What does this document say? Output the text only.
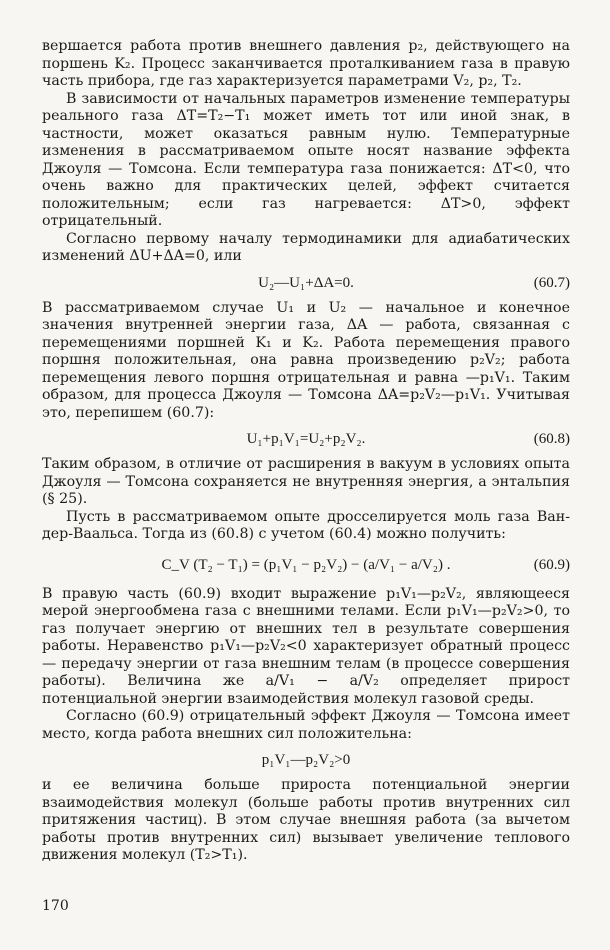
вершается работа против внешнего давления p₂, действующего на поршень K₂. Процесс заканчивается проталкиванием газа в правую часть прибора, где газ характеризуется параметрами V₂, p₂, T₂.

В зависимости от начальных параметров изменение температуры реального газа ΔT=T₂−T₁ может иметь тот или иной знак, в частности, может оказаться равным нулю. Температурные изменения в рассматриваемом опыте носят название эффекта Джоуля — Томсона. Если температура газа понижается: ΔT<0, что очень важно для практических целей, эффект считается положительным; если газ нагревается: ΔT>0, эффект отрицательный.

Согласно первому началу термодинамики для адиабатических изменений ΔU+ΔA=0, или

U₂—U₁+ΔA=0.	(60.7)

В рассматриваемом случае U₁ и U₂ — начальное и конечное значения внутренней энергии газа, ΔA — работа, связанная с перемещениями поршней K₁ и K₂. Работа перемещения правого поршня положительная, она равна произведению p₂V₂; работа перемещения левого поршня отрицательная и равна —p₁V₁. Таким образом, для процесса Джоуля — Томсона ΔA=p₂V₂—p₁V₁. Учитывая это, перепишем (60.7):

U₁+p₁V₁=U₂+p₂V₂.	(60.8)

Таким образом, в отличие от расширения в вакуум в условиях опыта Джоуля — Томсона сохраняется не внутренняя энергия, а энтальпия (§ 25).

Пусть в рассматриваемом опыте дросселируется моль газа Ван-дер-Ваальса. Тогда из (60.8) с учетом (60.4) можно получить:

C_V (T₂ − T₁) = (p₁V₁ − p₂V₂) − (a/V₁ − a/V₂) .	(60.9)

В правую часть (60.9) входит выражение p₁V₁—p₂V₂, являющееся мерой энергообмена газа с внешними телами. Если p₁V₁—p₂V₂>0, то газ получает энергию от внешних тел в результате совершения работы. Неравенство p₁V₁—p₂V₂<0 характеризует обратный процесс — передачу энергии от газа внешним телам (в процессе совершения работы). Величина же a/V₁ − a/V₂ определяет прирост потенциальной энергии взаимодействия молекул газовой среды.

Согласно (60.9) отрицательный эффект Джоуля — Томсона имеет место, когда работа внешних сил положительна:

p₁V₁—p₂V₂>0

и ее величина больше прироста потенциальной энергии взаимодействия молекул (больше работы против внутренних сил притяжения частиц). В этом случае внешняя работа (за вычетом работы против внутренних сил) вызывает увеличение теплового движения молекул (T₂>T₁).

170
